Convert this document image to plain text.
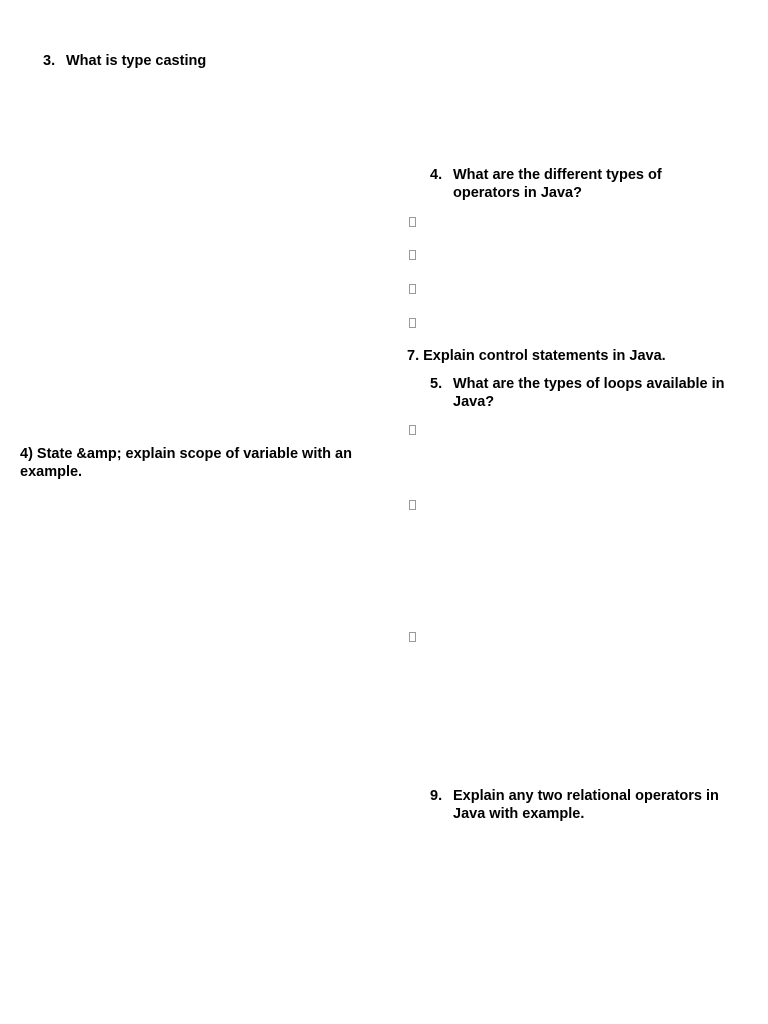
3. What is type casting
4. What are the different types of operators in Java?
7. Explain control statements in Java.
5. What are the types of loops available in Java?
4) State &amp; explain scope of variable with an example.
9. Explain any two relational operators in Java with example.
